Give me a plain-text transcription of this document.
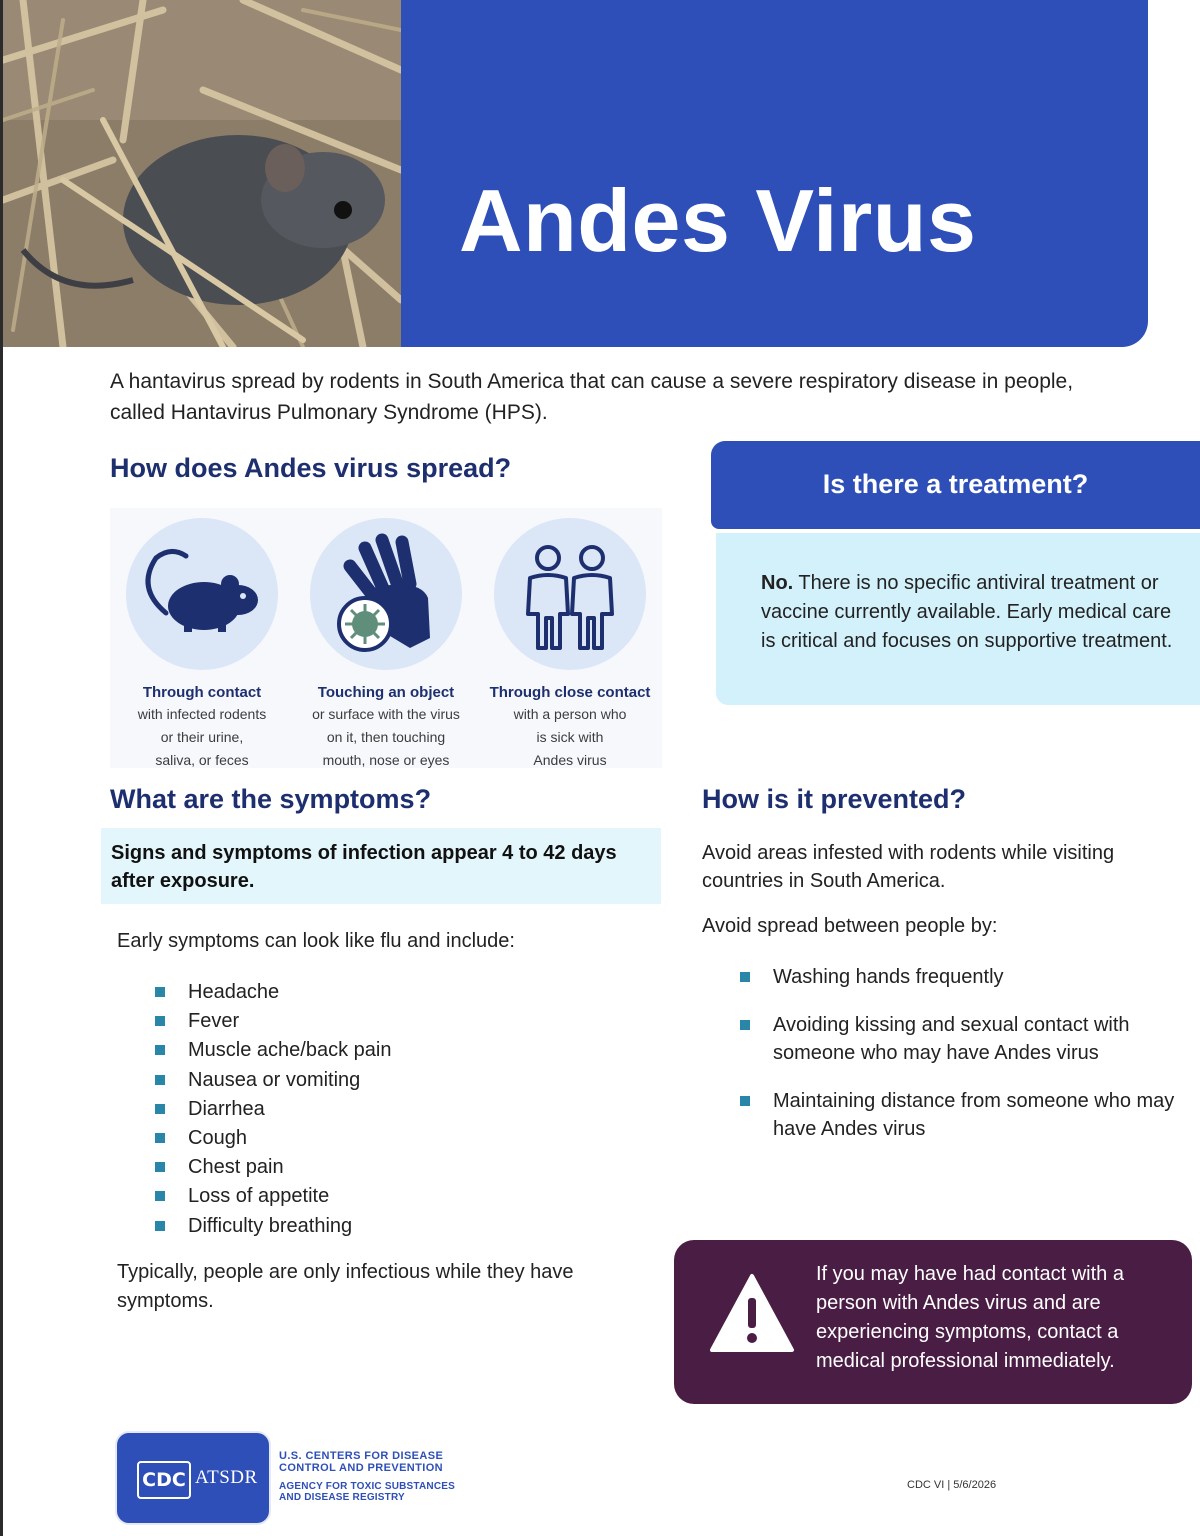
Andes Virus
A hantavirus spread by rodents in South America that can cause a severe respiratory disease in people, called Hantavirus Pulmonary Syndrome (HPS).
How does Andes virus spread?
Through contact
with infected rodents
or their urine,
saliva, or feces
Touching an object
or surface with the virus
on it, then touching
mouth, nose or eyes
Through close contact
with a person who
is sick with
Andes virus
Is there a treatment?

No. There is no specific antiviral treatment or vaccine currently available. Early medical care is critical and focuses on supportive treatment.

What are the symptoms?
Signs and symptoms of infection appear 4 to 42 days after exposure.
Early symptoms can look like flu and include:
Headache
Fever
Muscle ache/back pain
Nausea or vomiting
Diarrhea
Cough
Chest pain
Loss of appetite
Difficulty breathing
Typically, people are only infectious while they have symptoms.
How is it prevented?
Avoid areas infested with rodents while visiting countries in South America.
Avoid spread between people by:
Washing hands frequently
Avoiding kissing and sexual contact with someone who may have Andes virus
Maintaining distance from someone who may have Andes virus
If you may have had contact with a person with Andes virus and are experiencing symptoms, contact a medical professional immediately.
CDC ATSDR
U.S. CENTERS FOR DISEASE
CONTROL AND PREVENTION
AGENCY FOR TOXIC SUBSTANCES
AND DISEASE REGISTRY
CDC VI | 5/6/2026
